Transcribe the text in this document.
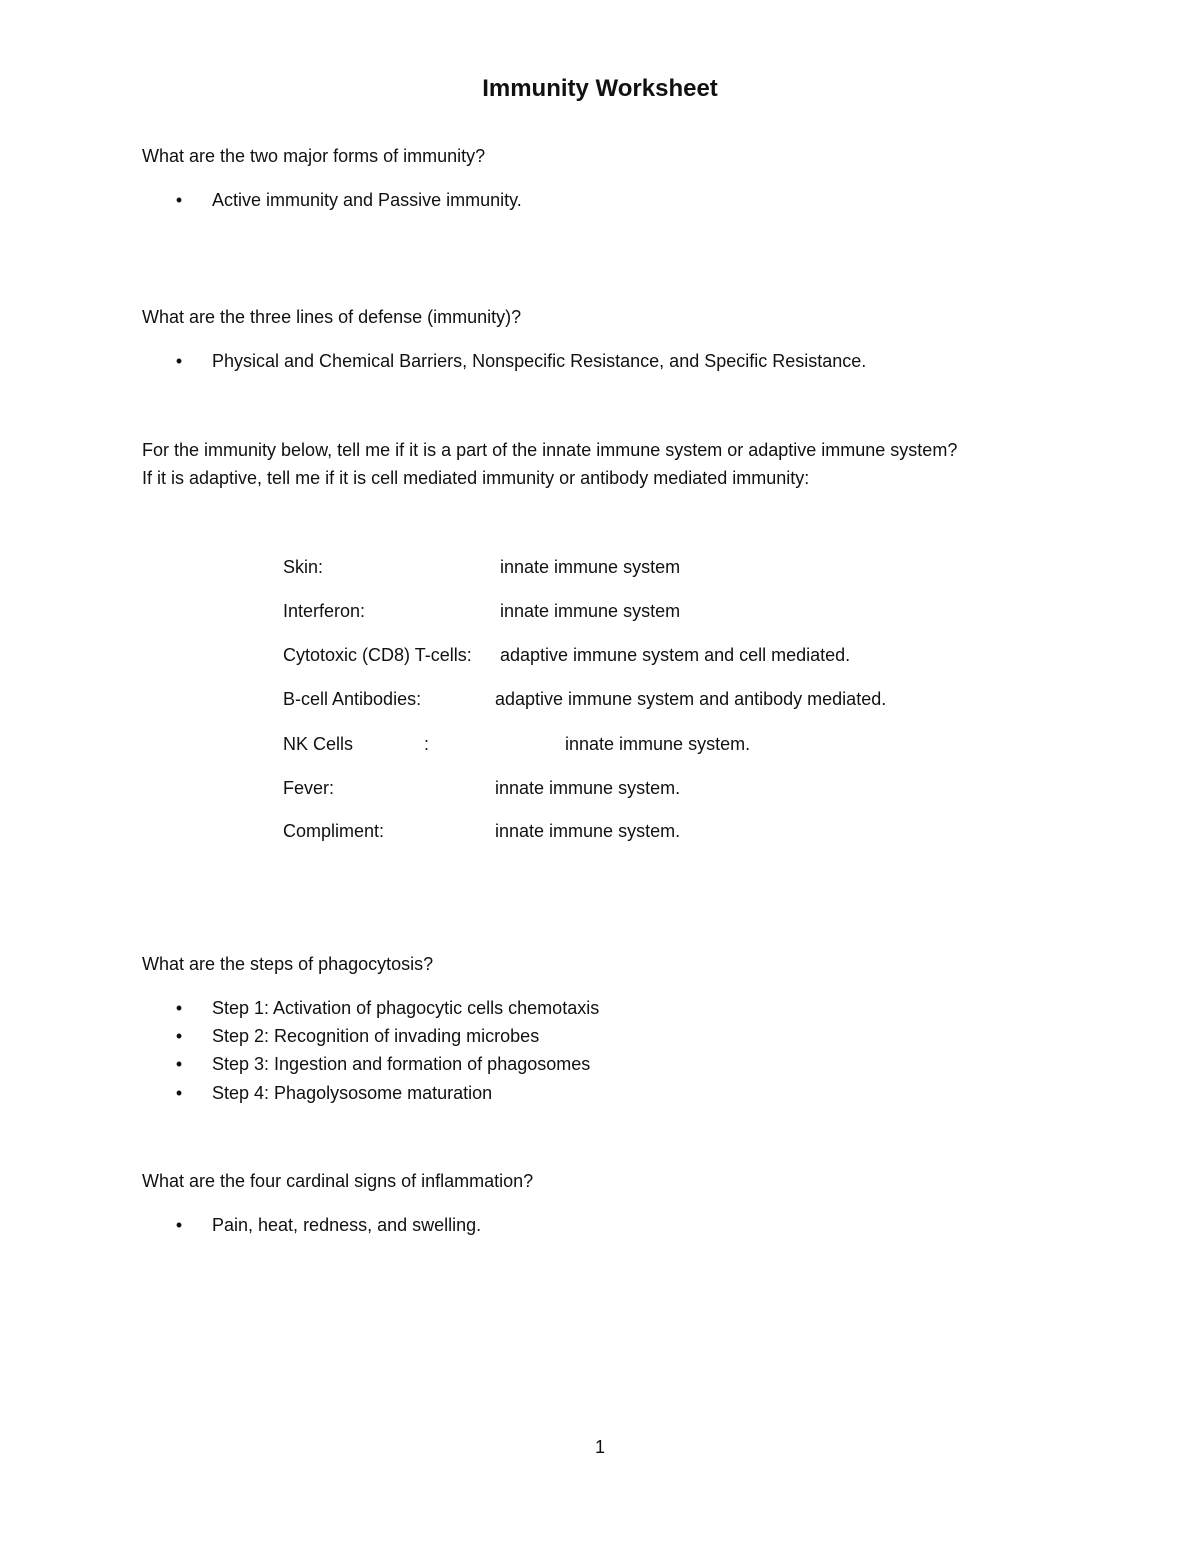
Immunity Worksheet
What are the two major forms of immunity?
• Active immunity and Passive immunity.
What are the three lines of defense (immunity)?
• Physical and Chemical Barriers, Nonspecific Resistance, and Specific Resistance.
For the immunity below, tell me if it is a part of the innate immune system or adaptive immune system?
If it is adaptive, tell me if it is cell mediated immunity or antibody mediated immunity:
Skin:	innate immune system
Interferon:	innate immune system
Cytotoxic (CD8) T-cells: adaptive immune system and cell mediated.
B-cell Antibodies:	adaptive immune system and antibody mediated.
NK Cells	:	innate immune system.
Fever:	innate immune system.
Compliment:	innate immune system.
What are the steps of phagocytosis?
• Step 1: Activation of phagocytic cells chemotaxis
• Step 2: Recognition of invading microbes
• Step 3: Ingestion and formation of phagosomes
• Step 4: Phagolysosome maturation
What are the four cardinal signs of inflammation?
• Pain, heat, redness, and swelling.
1
